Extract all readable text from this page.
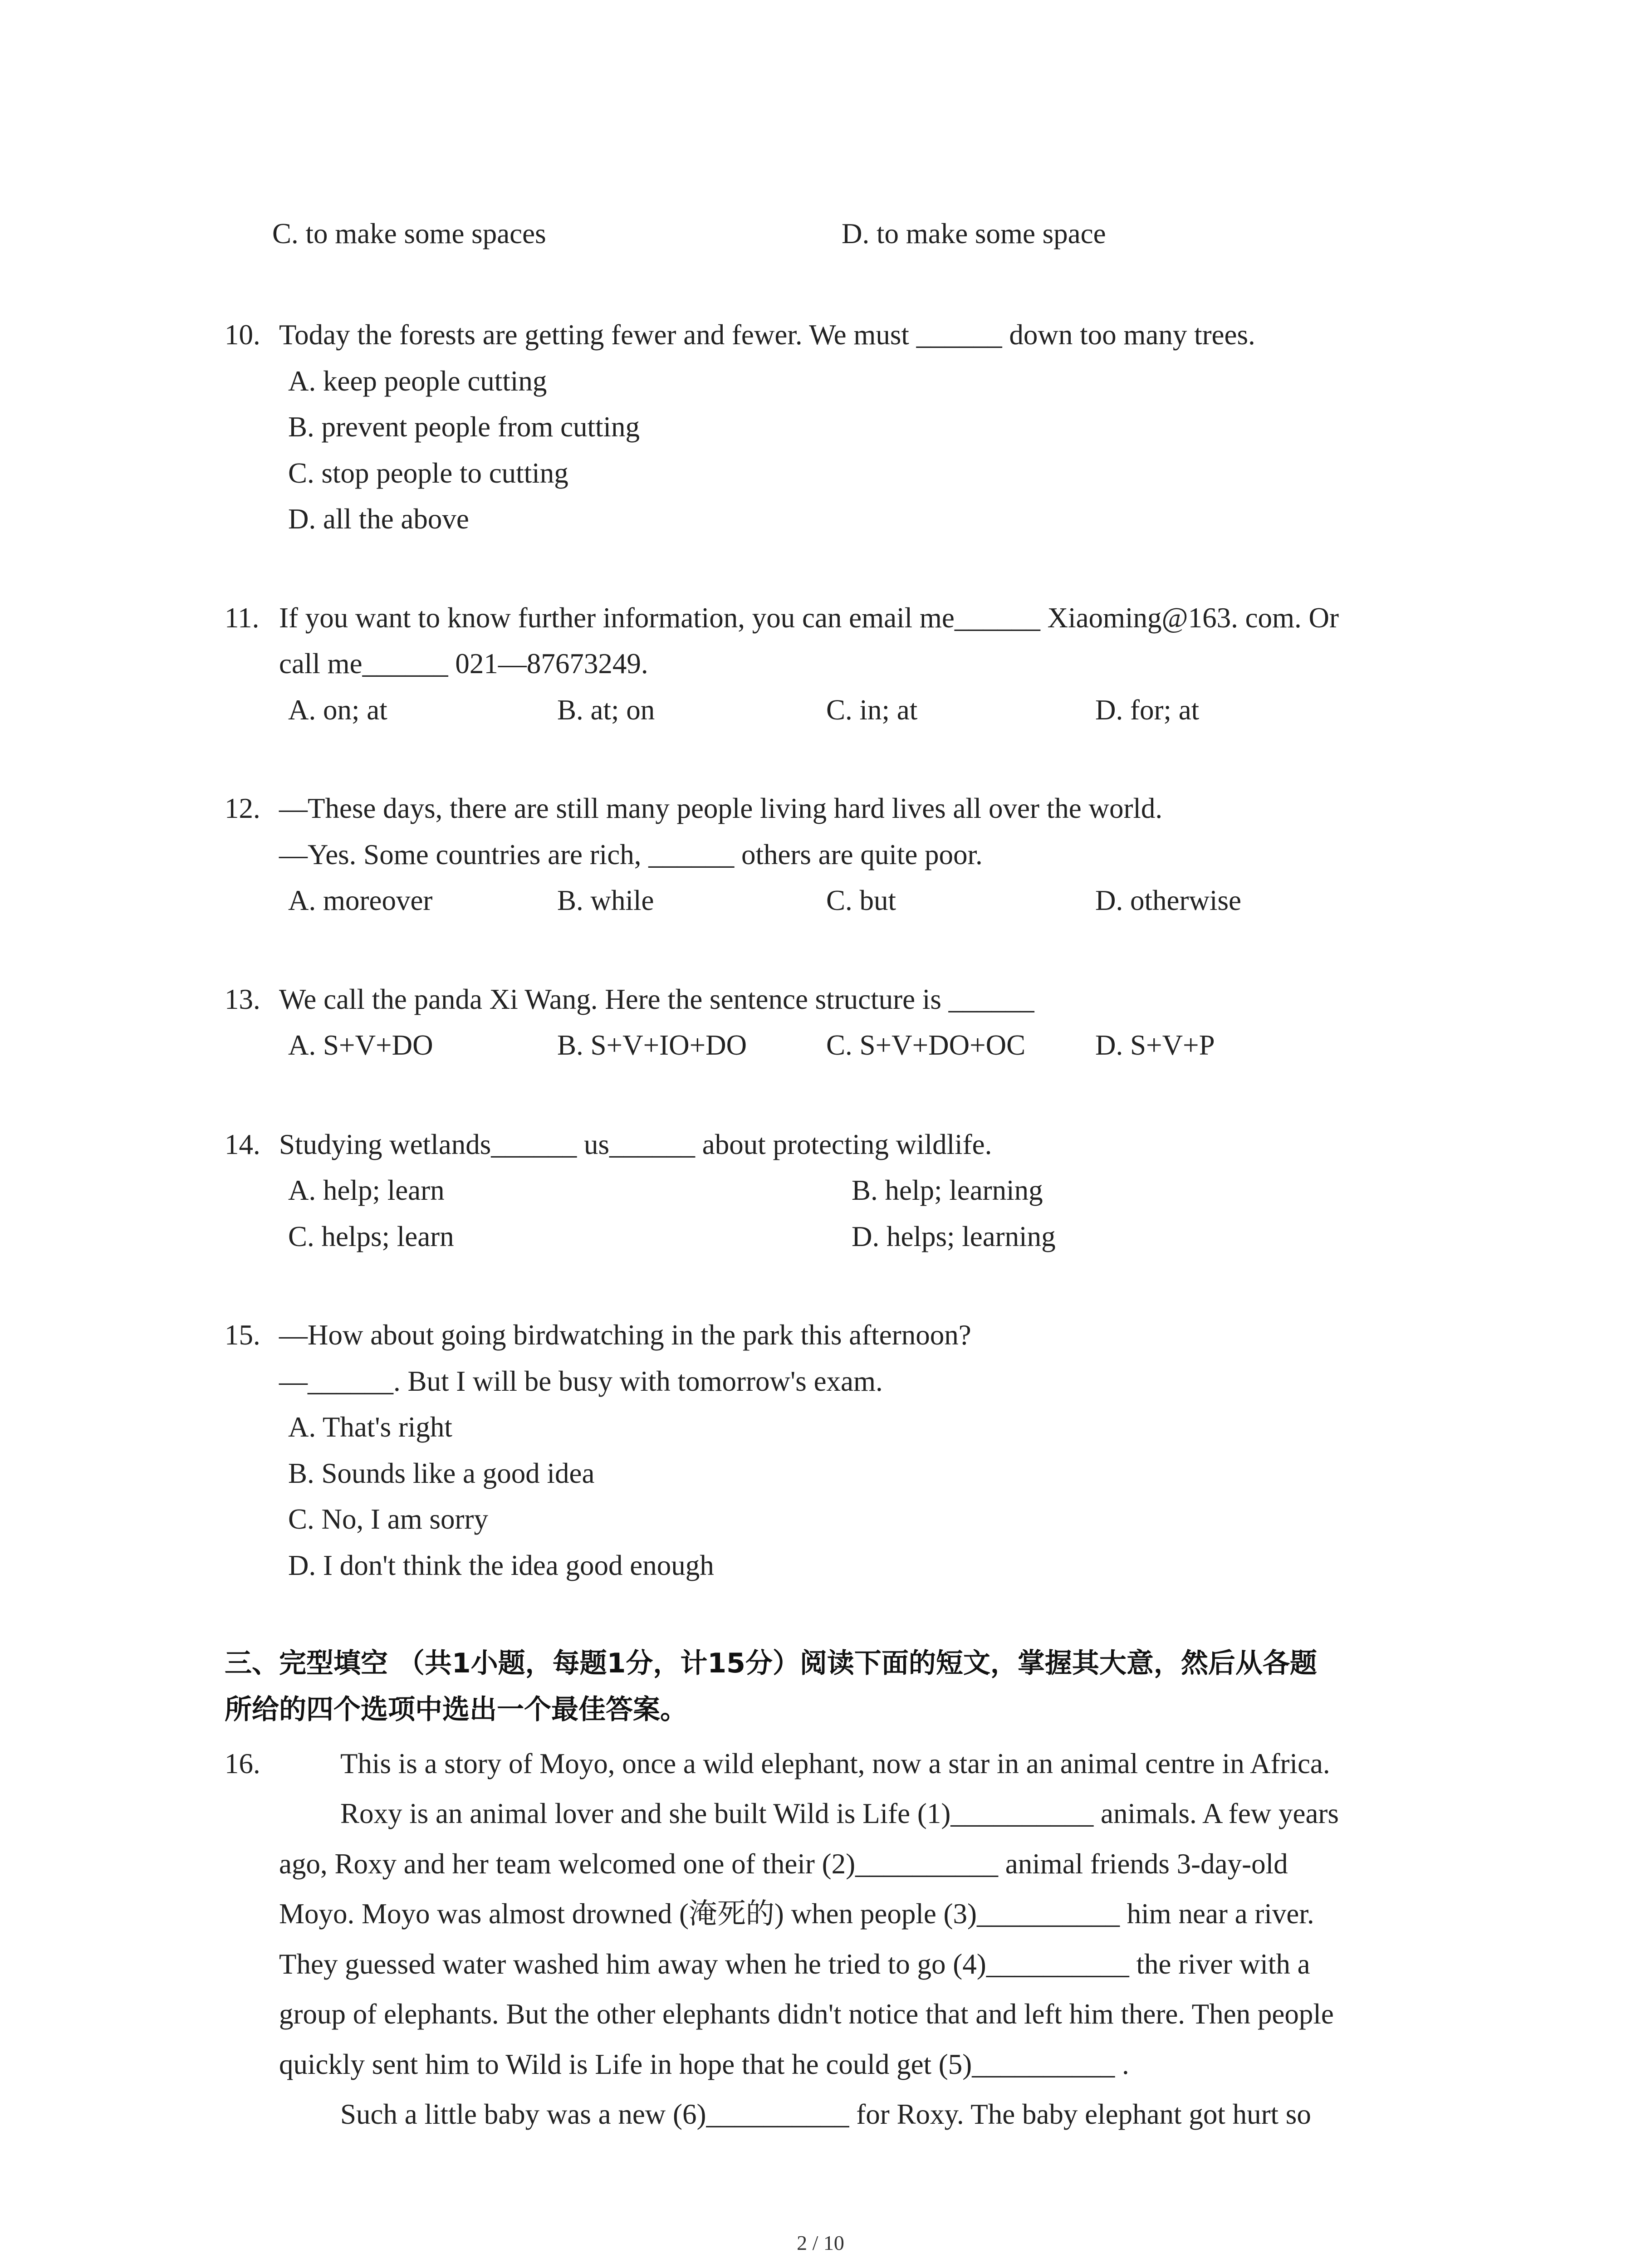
C. to make some spaces	D. to make some space
10. Today the forests are getting fewer and fewer. We must ______ down too many trees.
A. keep people cutting
B. prevent people from cutting
C. stop people to cutting
D. all the above
11. If you want to know further information, you can email me______ Xiaoming@163. com. Or
call me______ 021—87673249.
A. on; at	B. at; on	C. in; at	D. for; at
12. —These days, there are still many people living hard lives all over the world.
—Yes. Some countries are rich, ______ others are quite poor.
A. moreover	B. while	C. but	D. otherwise
13. We call the panda Xi Wang. Here the sentence structure is ______
A. S+V+DO	B. S+V+IO+DO	C. S+V+DO+OC D. S+V+P
14. Studying wetlands______ us______ about protecting wildlife.
A. help; learn	B. help; learning
C. helps; learn	D. helps; learning
15. —How about going birdwatching in the park this afternoon?
—______. But I will be busy with tomorrow's exam.
A. That's right
B. Sounds like a good idea
C. No, I am sorry
D. I don't think the idea good enough
三、完型填空 （共1小题，每题1分，计15分）阅读下面的短文，掌握其大意，然后从各题
所给的四个选项中选出一个最佳答案。
16.	This is a story of Moyo, once a wild elephant, now a star in an animal centre in Africa.
Roxy is an animal lover and she built Wild is Life (1)__________ animals. A few years
ago, Roxy and her team welcomed one of their (2)__________ animal friends 3-day-old
Moyo. Moyo was almost drowned (淹死的) when people (3)__________ him near a river.
They guessed water washed him away when he tried to go (4)__________ the river with a
group of elephants. But the other elephants didn't notice that and left him there. Then people
quickly sent him to Wild is Life in hope that he could get (5)__________ .
Such a little baby was a new (6)__________ for Roxy. The baby elephant got hurt so
2 / 10
